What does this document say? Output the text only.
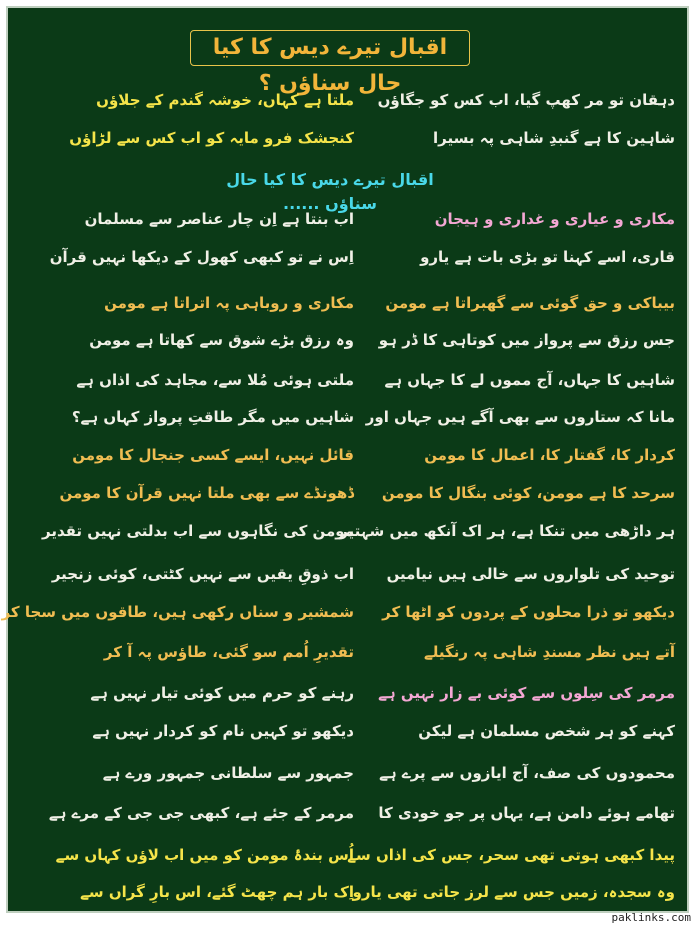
اقبال تیرے دیس کا کیا حال سناؤں ؟
دہقان تو مر کھپ گیا، اب کس کو جگاؤں
ملتا ہے کہاں، خوشہ گندم کے جلاؤں
شاہین کا ہے گنبدِ شاہی پہ بسیرا
کنجشک فرو مایہ کو اب کس سے لڑاؤں
اقبال تیرے دیس کا کیا حال سناؤں ......
مکاری و عیاری و غداری و ہیجان
اب بنتا ہے اِن چار عناصر سے مسلمان
قاری، اسے کہنا تو بڑی بات ہے یارو
اِس نے تو کبھی کھول کے دیکھا نہیں قرآن
بیباکی و حق گوئی سے گھبراتا ہے مومن
مکاری و روباہی پہ اتراتا ہے مومن
جس رزق سے پرواز میں کوتاہی کا ڈر ہو
وہ رزق بڑے شوق سے کھاتا ہے مومن
شاہیں کا جہاں، آج مموں لے کا جہاں ہے
ملتی ہوئی مُلا سے، مجاہد کی اذاں ہے
مانا کہ ستاروں سے بھی آگے ہیں جہاں اور
شاہیں میں مگر طاقتِ پرواز کہاں ہے؟
کردار کا، گفتار کا، اعمال کا مومن
قائل نہیں، ایسے کسی جنجال کا مومن
سرحد کا ہے مومن، کوئی بنگال کا مومن
ڈھونڈے سے بھی ملتا نہیں قرآن کا مومن
ہر داڑھی میں تنکا ہے، ہر اک آنکھ میں شہتیر
مومن کی نگاہوں سے اب بدلتی نہیں تقدیر
توحید کی تلواروں سے خالی ہیں نیامیں
اب ذوقِ یقیں سے نہیں کٹتی، کوئی زنجیر
دیکھو تو ذرا محلوں کے پردوں کو اٹھا کر
شمشیر و سناں رکھی ہیں، طاقوں میں سجا کر
آتے ہیں نظر مسندِ شاہی پہ رنگیلے
تقدیرِ اُمم سو گئی، طاؤس پہ آ کر
مرمر کی سِلوں سے کوئی بے زار نہیں ہے
رہنے کو حرم میں کوئی تیار نہیں ہے
کہنے کو ہر شخص مسلمان ہے لیکن
دیکھو تو کہیں نام کو کردار نہیں ہے
محمودوں کی صف، آج ایازوں سے پرے ہے
جمہور سے سلطانی جمہور ورے ہے
تھامے ہوئے دامن ہے، یہاں پر جو خودی کا
مرمر کے جئے ہے، کبھی جی جی کے مرے ہے
پیدا کبھی ہوتی تھی سحر، جس کی اذاں سے
اُس بندۂ مومن کو میں اب لاؤں کہاں سے
وہ سجدہ، زمیں جس سے لرز جاتی تھی یارو
اِک بار ہم چھٹ گئے، اس بارِ گراں سے
paklinks.com
